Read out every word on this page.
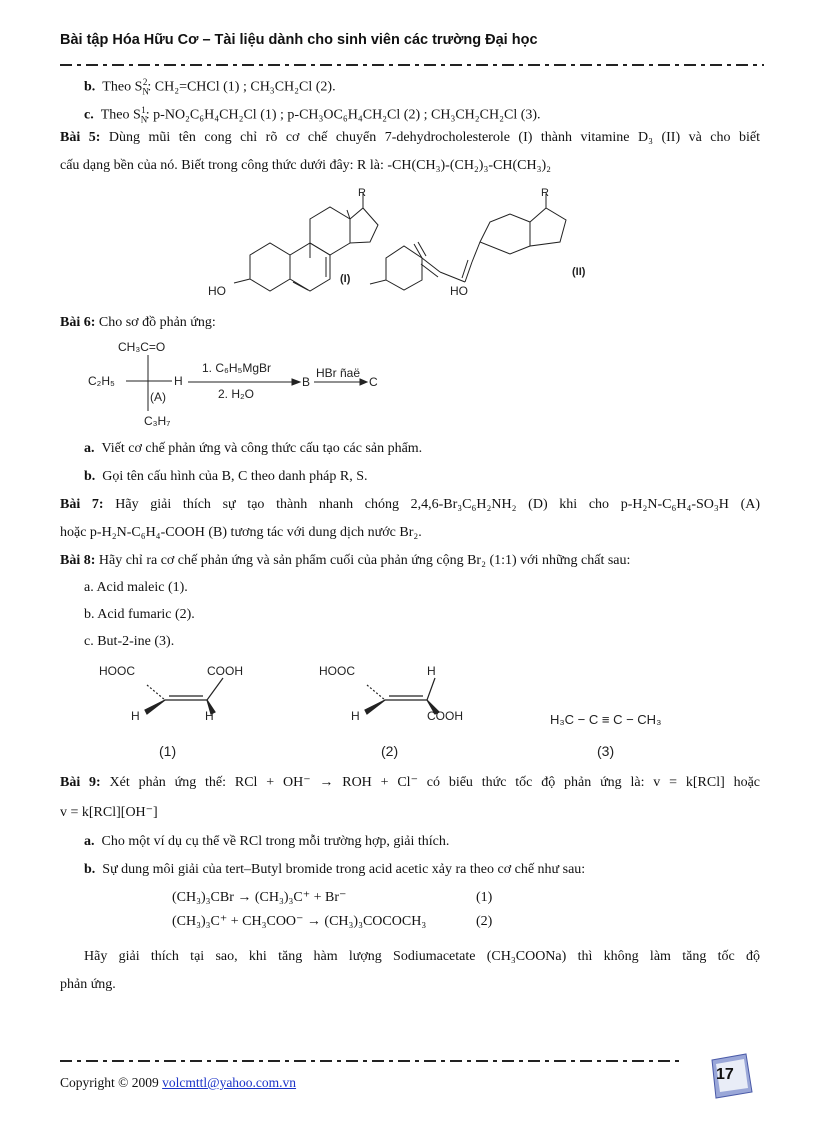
Bài tập Hóa Hữu Cơ – Tài liệu dành cho sinh viên các trường Đại học
b. Theo $S_N^2$: CH₂=CHCl (1) ; CH₃CH₂Cl (2).
c. Theo $S_N^1$: p-NO₂C₆H₄CH₂Cl (1) ; p-CH₃OC₆H₄CH₂Cl (2) ; CH₃CH₂CH₂Cl (3).
Bài 5: Dùng mũi tên cong chỉ rõ cơ chế chuyển 7-dehydrocholesterole (I) thành vitamine D₃ (II) và cho biết
cấu dạng bền của nó. Biết trong công thức dưới đây: R là: -CH(CH₃)-(CH₂)₃-CH(CH₃)₂
R	R
HO	HO
(I)
(II)
Bài 6: Cho sơ đồ phản ứng:
CH₃C=O
C₂H₅	H
(A)
C₃H₇
1. C₆H₅MgBr
2. H₂O
B
HBr ñaë
C
a. Viết cơ chế phản ứng và công thức cấu tạo các sản phẩm.
b. Gọi tên cấu hình của B, C theo danh pháp R, S.
Bài 7: Hãy giải thích sự tạo thành nhanh chóng 2,4,6-Br₃C₆H₂NH₂ (D) khi cho p-H₂N-C₆H₄-SO₃H (A)
hoặc p-H₂N-C₆H₄-COOH (B) tương tác với dung dịch nước Br₂.
Bài 8: Hãy chỉ ra cơ chế phản ứng và sản phẩm cuối của phản ứng cộng Br₂ (1:1) với những chất sau:
a. Acid maleic (1).
b. Acid fumaric (2).
c. But-2-ine (3).
HOOC	COOH
H	H
HOOC	H
H	COOH	H₃C − C ≡ C − CH₃
(1)	(2)	(3)
Bài 9: Xét phản ứng thế: RCl + OH⁻ → ROH + Cl⁻ có biểu thức tốc độ phản ứng là: v = k[RCl] hoặc
v = k[RCl][OH⁻]
a. Cho một ví dụ cụ thể về RCl trong mỗi trường hợp, giải thích.
b. Sự dung môi giải của tert–Butyl bromide trong acid acetic xảy ra theo cơ chế như sau:
(CH₃)₃CBr → (CH₃)₃C⁺ + Br⁻	(1)
(CH₃)₃C⁺ + CH₃COO⁻ → (CH₃)₃COCOCH₃	(2)
Hãy giải thích tại sao, khi tăng hàm lượng Sodiumacetate (CH₃COONa) thì không làm tăng tốc độ
phản ứng.
Copyright © 2009 volcmttl@yahoo.com.vn	17
